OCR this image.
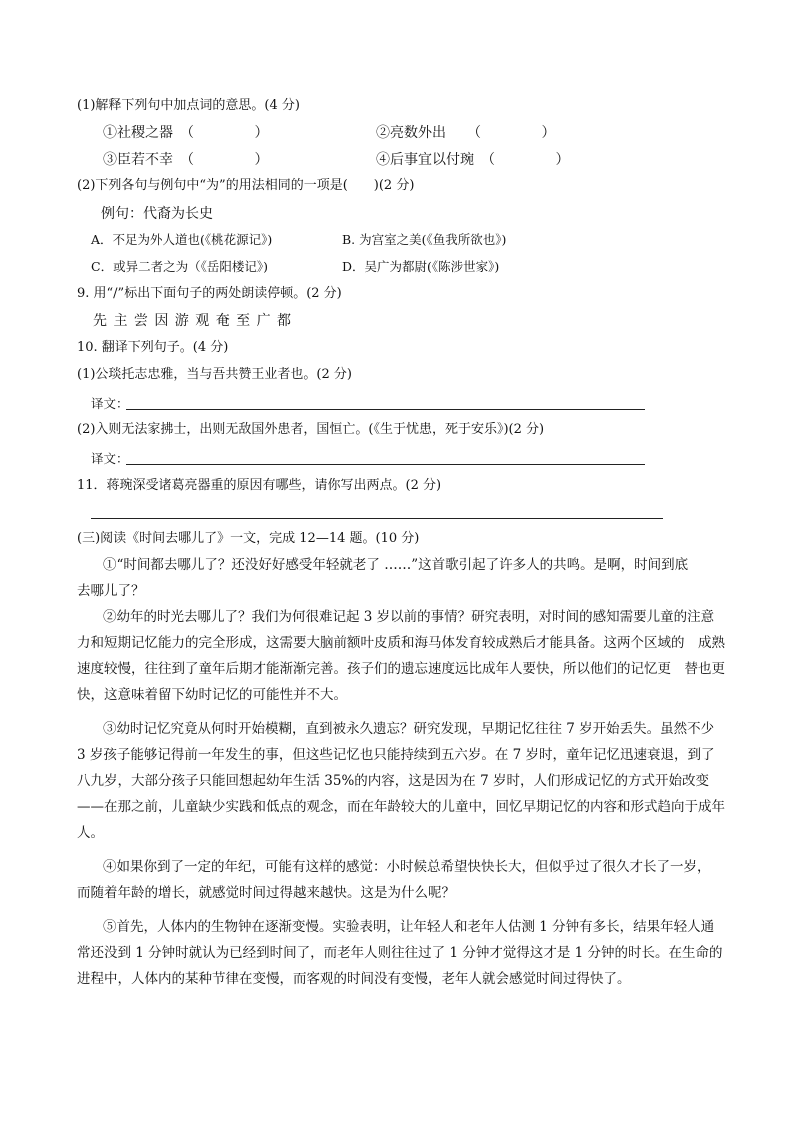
(1)解释下列句中加点词的意思。(4 分)
①社稷之器　（　　　　 ）	②亮数外出　　（　　　　 ）
③臣若不幸　（　　　　 ）	④后事宜以付琬　（　　　　 ）
(2)下列各句与例句中“为”的用法相同的一项是(　　)(2 分)
例句：代裔为长史
A．不足为外人道也(《桃花源记》)	B. 为宫室之美(《鱼我所欲也》)
C．或异二者之为（《岳阳楼记》)	D．吴广为都尉(《陈涉世家》)
9. 用“/”标出下面句子的两处朗读停顿。(2 分)
先 主 尝 因 游 观 奄 至 广 都
10. 翻译下列句子。(4 分)
(1)公琰托志忠雅，当与吾共赞王业者也。(2 分)
译文：
(2)入则无法家拂士，出则无敌国外患者，国恒亡。(《生于忧患，死于安乐》)(2 分)
译文：
11．蒋琬深受诸葛亮器重的原因有哪些，请你写出两点。(2 分)
(三)阅读《时间去哪儿了》一文，完成 12—14 题。(10 分)
①“时间都去哪儿了？还没好好感受年轻就老了 ……”这首歌引起了许多人的共鸣。是啊，时间到底　　去哪儿了？
②幼年的时光去哪儿了？我们为何很难记起 3 岁以前的事情？研究表明，对时间的感知需要儿童的注意力和短期记忆能力的完全形成，这需要大脑前额叶皮质和海马体发育较成熟后才能具备。这两个区域的　成熟速度较慢，往往到了童年后期才能渐渐完善。孩子们的遗忘速度远比成年人要快，所以他们的记忆更　替也更快，这意味着留下幼时记忆的可能性并不大。
③幼时记忆究竟从何时开始模糊，直到被永久遗忘？研究发现，早期记忆往往 7 岁开始丢失。虽然不少 3 岁孩子能够记得前一年发生的事，但这些记忆也只能持续到五六岁。在 7 岁时，童年记忆迅速衰退，到了八九岁，大部分孩子只能回想起幼年生活 35%的内容，这是因为在 7 岁时，人们形成记忆的方式开始改变——在那之前，儿童缺少实践和低点的观念，而在年龄较大的儿童中，回忆早期记忆的内容和形式趋向于成年人。
④如果你到了一定的年纪，可能有这样的感觉：小时候总希望快快长大，但似乎过了很久才长了一岁，　而随着年龄的增长，就感觉时间过得越来越快。这是为什么呢？
⑤首先，人体内的生物钟在逐渐变慢。实验表明，让年轻人和老年人估测 1 分钟有多长，结果年轻人通常还没到 1 分钟时就认为已经到时间了，而老年人则往往过了 1 分钟才觉得这才是 1 分钟的时长。在生命的进程中，人体内的某种节律在变慢，而客观的时间没有变慢，老年人就会感觉时间过得快了。
